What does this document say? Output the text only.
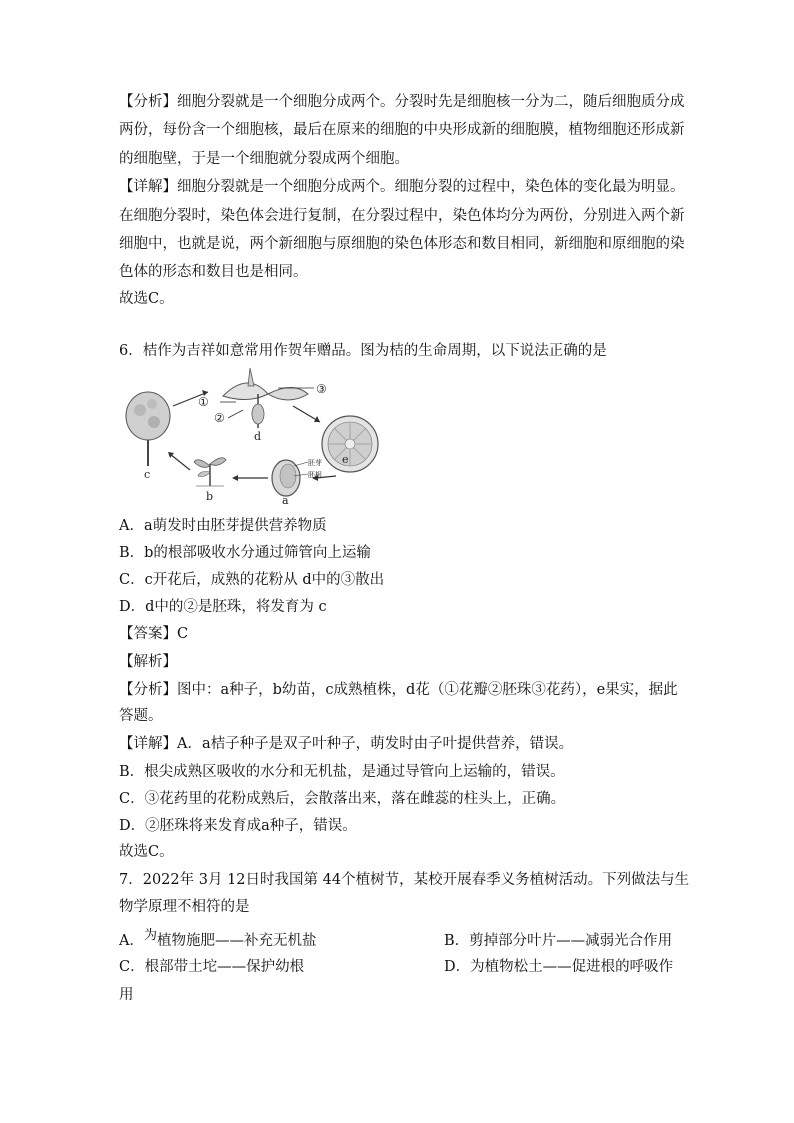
【分析】细胞分裂就是一个细胞分成两个。分裂时先是细胞核一分为二，随后细胞质分成
两份，每份含一个细胞核，最后在原来的细胞的中央形成新的细胞膜，植物细胞还形成新
的细胞壁，于是一个细胞就分裂成两个细胞。
【详解】细胞分裂就是一个细胞分成两个。细胞分裂的过程中，染色体的变化最为明显。
在细胞分裂时，染色体会进行复制，在分裂过程中，染色体均分为两份，分别进入两个新
细胞中，也就是说，两个新细胞与原细胞的染色体形态和数目相同，新细胞和原细胞的染
色体的形态和数目也是相同。
故选C。
6．桔作为吉祥如意常用作贺年赠品。图为桔的生命周期，以下说法正确的是
c
①
②
③
d
e
胚芽
胚根
a
b
A．a萌发时由胚芽提供营养物质
B．b的根部吸收水分通过筛管向上运输
C．c开花后，成熟的花粉从 d中的③散出
D．d中的②是胚珠，将发育为 c
【答案】C
【解析】
【分析】图中：a种子，b幼苗，c成熟植株，d花（①花瓣②胚珠③花药），e果实，据此
答题。
【详解】A．a桔子种子是双子叶种子，萌发时由子叶提供营养，错误。
B．根尖成熟区吸收的水分和无机盐，是通过导管向上运输的，错误。
C．③花药里的花粉成熟后，会散落出来，落在雌蕊的柱头上，正确。
D．②胚珠将来发育成a种子，错误。
故选C。
7．2022年 3月 12日时我国第 44个植树节，某校开展春季义务植树活动。下列做法与生
物学原理不相符的是
A．为植物施肥——补充无机盐	B．剪掉部分叶片——减弱光合作用
C．根部带土坨——保护幼根	D．为植物松土——促进根的呼吸作
用
